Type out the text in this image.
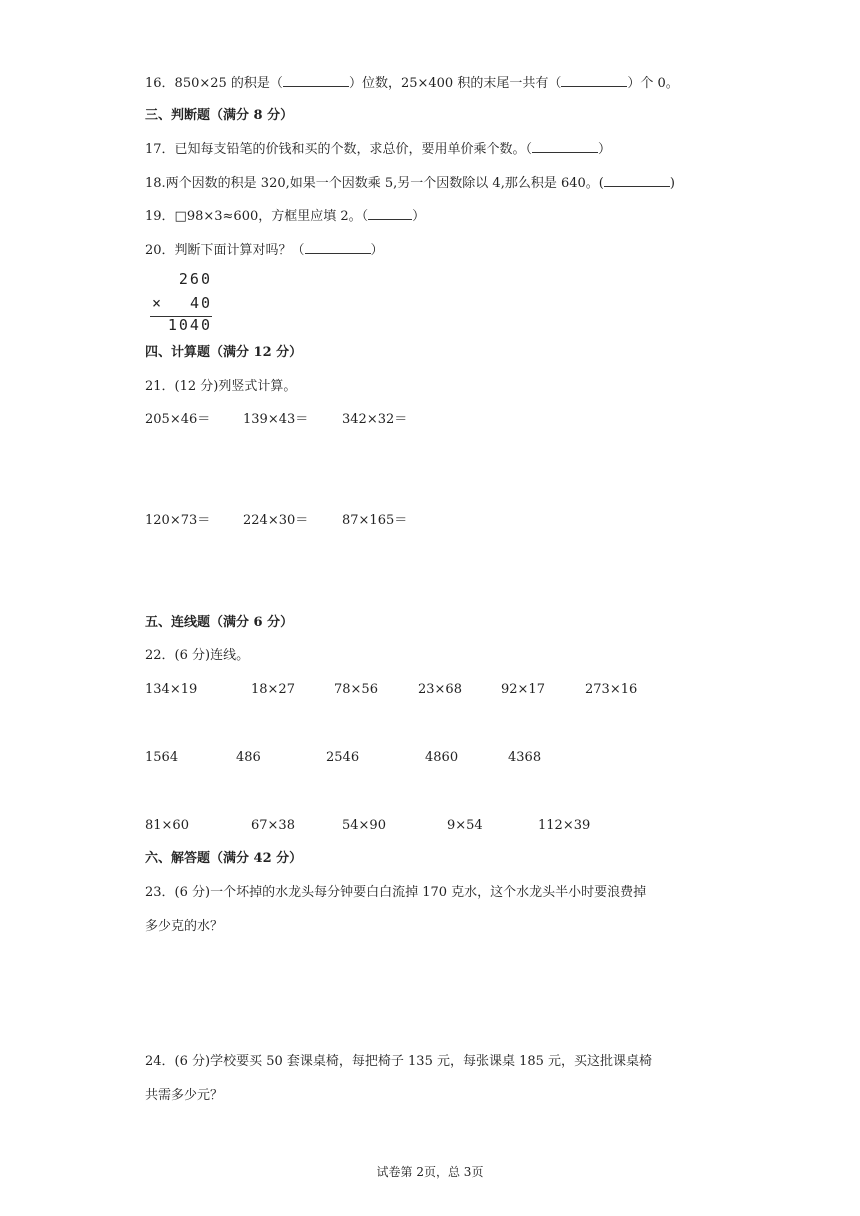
16．850×25 的积是（	）位数，25×400 积的末尾一共有（	）个 0。
三、判断题（满分 8 分）
17．已知每支铅笔的价钱和买的个数，求总价，要用单价乘个数。（	）
18.两个因数的积是 320,如果一个因数乘 5,另一个因数除以 4,那么积是 640。(	)
19．□98×3≈600，方框里应填 2。（	）
20．判断下面计算对吗？（	）
260
× 40
1040
四、计算题（满分 12 分）
21．(12 分)列竖式计算。
205×46＝	139×43＝	342×32＝
120×73＝	224×30＝	87×165＝
五、连线题（满分 6 分）
22．(6 分)连线。
134×19	18×27	78×56	23×68	92×17	273×16
1564	486	2546	4860	4368
81×60	67×38	54×90	9×54	112×39
六、解答题（满分 42 分）
23．(6 分)一个坏掉的水龙头每分钟要白白流掉 170 克水，这个水龙头半小时要浪费掉
多少克的水？
24．(6 分)学校要买 50 套课桌椅，每把椅子 135 元，每张课桌 185 元，买这批课桌椅
共需多少元？
试卷第 2页，总 3页
